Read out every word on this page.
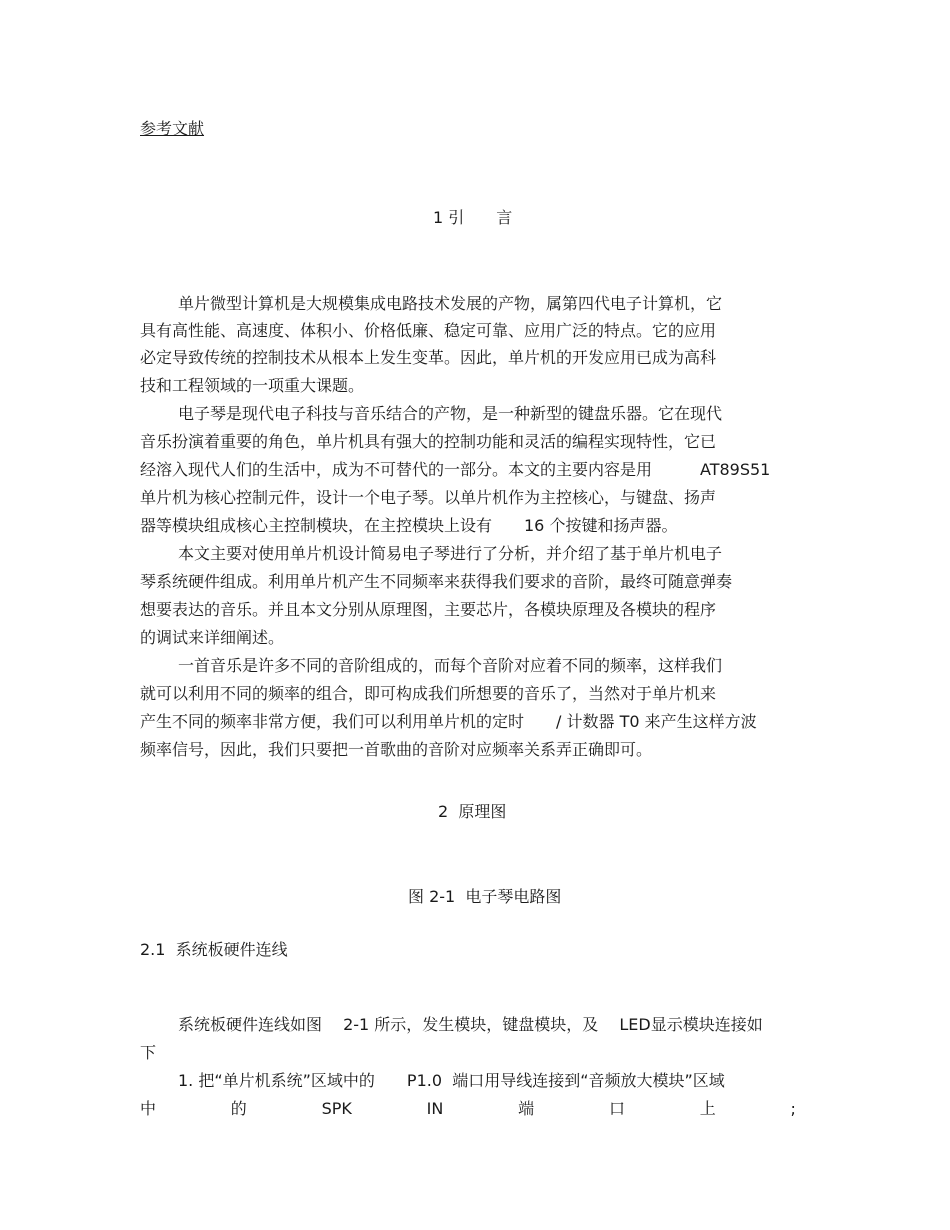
参考文献
1 引　　言
单片微型计算机是大规模集成电路技术发展的产物，属第四代电子计算机，它
具有高性能、高速度、体积小、价格低廉、稳定可靠、应用广泛的特点。它的应用
必定导致传统的控制技术从根本上发生变革。因此，单片机的开发应用已成为高科
技和工程领域的一项重大课题。
电子琴是现代电子科技与音乐结合的产物，是一种新型的键盘乐器。它在现代
音乐扮演着重要的角色，单片机具有强大的控制功能和灵活的编程实现特性，它已
经溶入现代人们的生活中，成为不可替代的一部分。本文的主要内容是用　　　AT89S51
单片机为核心控制元件，设计一个电子琴。以单片机作为主控核心，与键盘、扬声
器等模块组成核心主控制模块，在主控模块上设有　　16 个按键和扬声器。
本文主要对使用单片机设计简易电子琴进行了分析，并介绍了基于单片机电子
琴系统硬件组成。利用单片机产生不同频率来获得我们要求的音阶，最终可随意弹奏
想要表达的音乐。并且本文分别从原理图，主要芯片，各模块原理及各模块的程序
的调试来详细阐述。
一首音乐是许多不同的音阶组成的，而每个音阶对应着不同的频率，这样我们
就可以利用不同的频率的组合，即可构成我们所想要的音乐了，当然对于单片机来
产生不同的频率非常方便，我们可以利用单片机的定时　　/ 计数器 T0 来产生这样方波
频率信号，因此，我们只要把一首歌曲的音阶对应频率关系弄正确即可。
2  原理图
图 2-1  电子琴电路图
2.1  系统板硬件连线
系统板硬件连线如图　 2-1 所示，发生模块，键盘模块，及　 LED显示模块连接如
下
1. 把“单片机系统”区域中的　　P1.0  端口用导线连接到“音频放大模块”区域
中	的	SPK	IN	端	口	上	;
